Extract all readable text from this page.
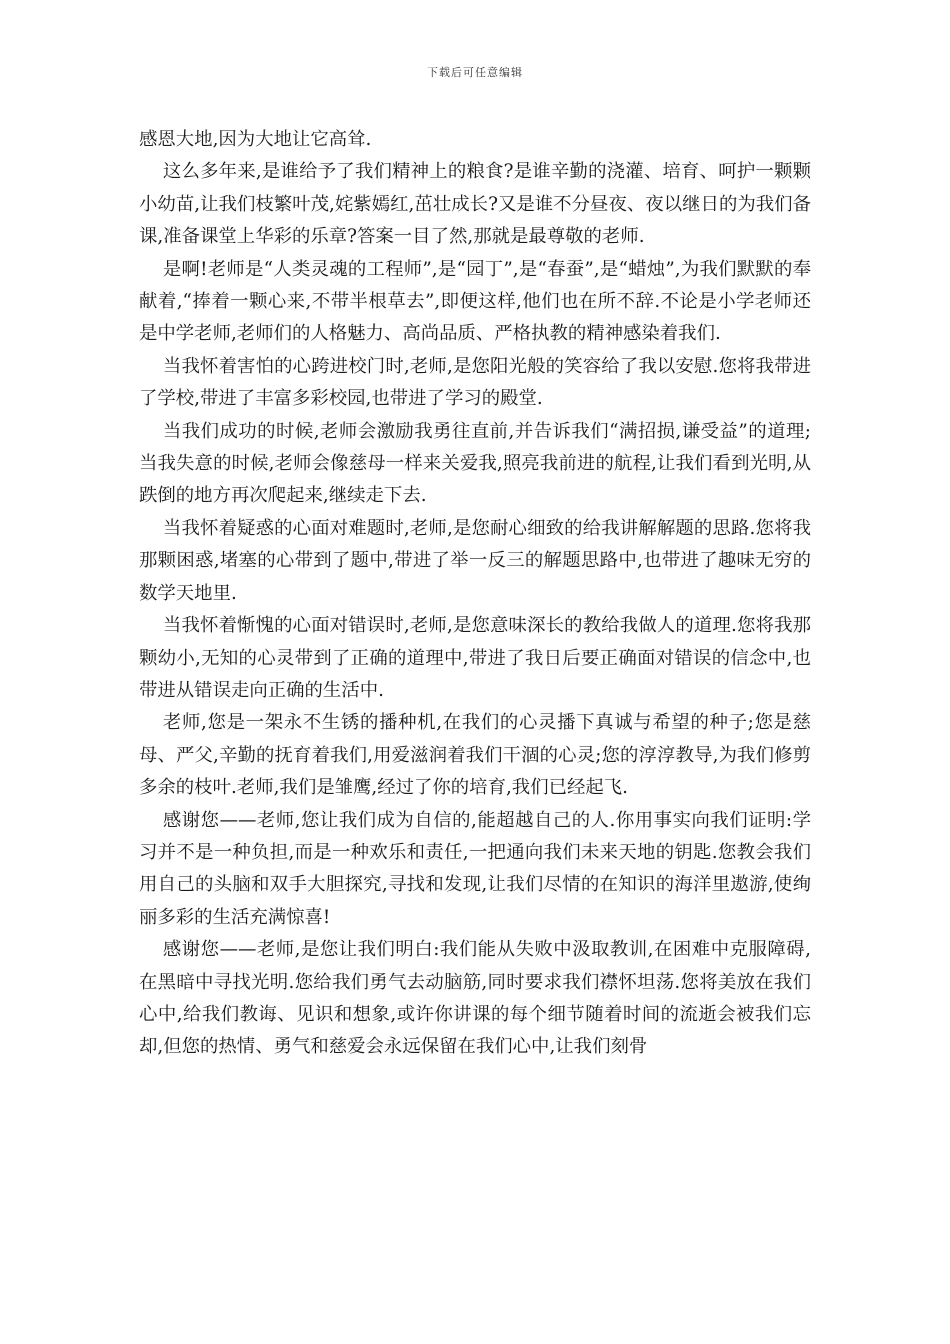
下载后可任意编辑

感恩大地,因为大地让它高耸.

这么多年来,是谁给予了我们精神上的粮食?是谁辛勤的浇灌、培育、呵护一颗颗小幼苗,让我们枝繁叶茂,姹紫嫣红,茁壮成长?又是谁不分昼夜、夜以继日的为我们备课,准备课堂上华彩的乐章?答案一目了然,那就是最尊敬的老师.

是啊!老师是“人类灵魂的工程师”,是“园丁”,是“春蚕”,是“蜡烛”,为我们默默的奉献着,“捧着一颗心来,不带半根草去”,即便这样,他们也在所不辞.不论是小学老师还是中学老师,老师们的人格魅力、高尚品质、严格执教的精神感染着我们.

当我怀着害怕的心跨进校门时,老师,是您阳光般的笑容给了我以安慰.您将我带进了学校,带进了丰富多彩校园,也带进了学习的殿堂.

当我们成功的时候,老师会激励我勇往直前,并告诉我们“满招损,谦受益”的道理;当我失意的时候,老师会像慈母一样来关爱我,照亮我前进的航程,让我们看到光明,从跌倒的地方再次爬起来,继续走下去.

当我怀着疑惑的心面对难题时,老师,是您耐心细致的给我讲解解题的思路.您将我那颗困惑,堵塞的心带到了题中,带进了举一反三的解题思路中,也带进了趣味无穷的数学天地里.

当我怀着惭愧的心面对错误时,老师,是您意味深长的教给我做人的道理.您将我那颗幼小,无知的心灵带到了正确的道理中,带进了我日后要正确面对错误的信念中,也带进从错误走向正确的生活中.

老师,您是一架永不生锈的播种机,在我们的心灵播下真诚与希望的种子;您是慈母、严父,辛勤的抚育着我们,用爱滋润着我们干涸的心灵;您的淳淳教导,为我们修剪多余的枝叶.老师,我们是雏鹰,经过了你的培育,我们已经起飞.

感谢您——老师,您让我们成为自信的,能超越自己的人.你用事实向我们证明:学习并不是一种负担,而是一种欢乐和责任,一把通向我们未来天地的钥匙.您教会我们用自己的头脑和双手大胆探究,寻找和发现,让我们尽情的在知识的海洋里遨游,使绚丽多彩的生活充满惊喜!

感谢您——老师,是您让我们明白:我们能从失败中汲取教训,在困难中克服障碍,在黑暗中寻找光明.您给我们勇气去动脑筋,同时要求我们襟怀坦荡.您将美放在我们心中,给我们教诲、见识和想象,或许你讲课的每个细节随着时间的流逝会被我们忘却,但您的热情、勇气和慈爱会永远保留在我们心中,让我们刻骨
